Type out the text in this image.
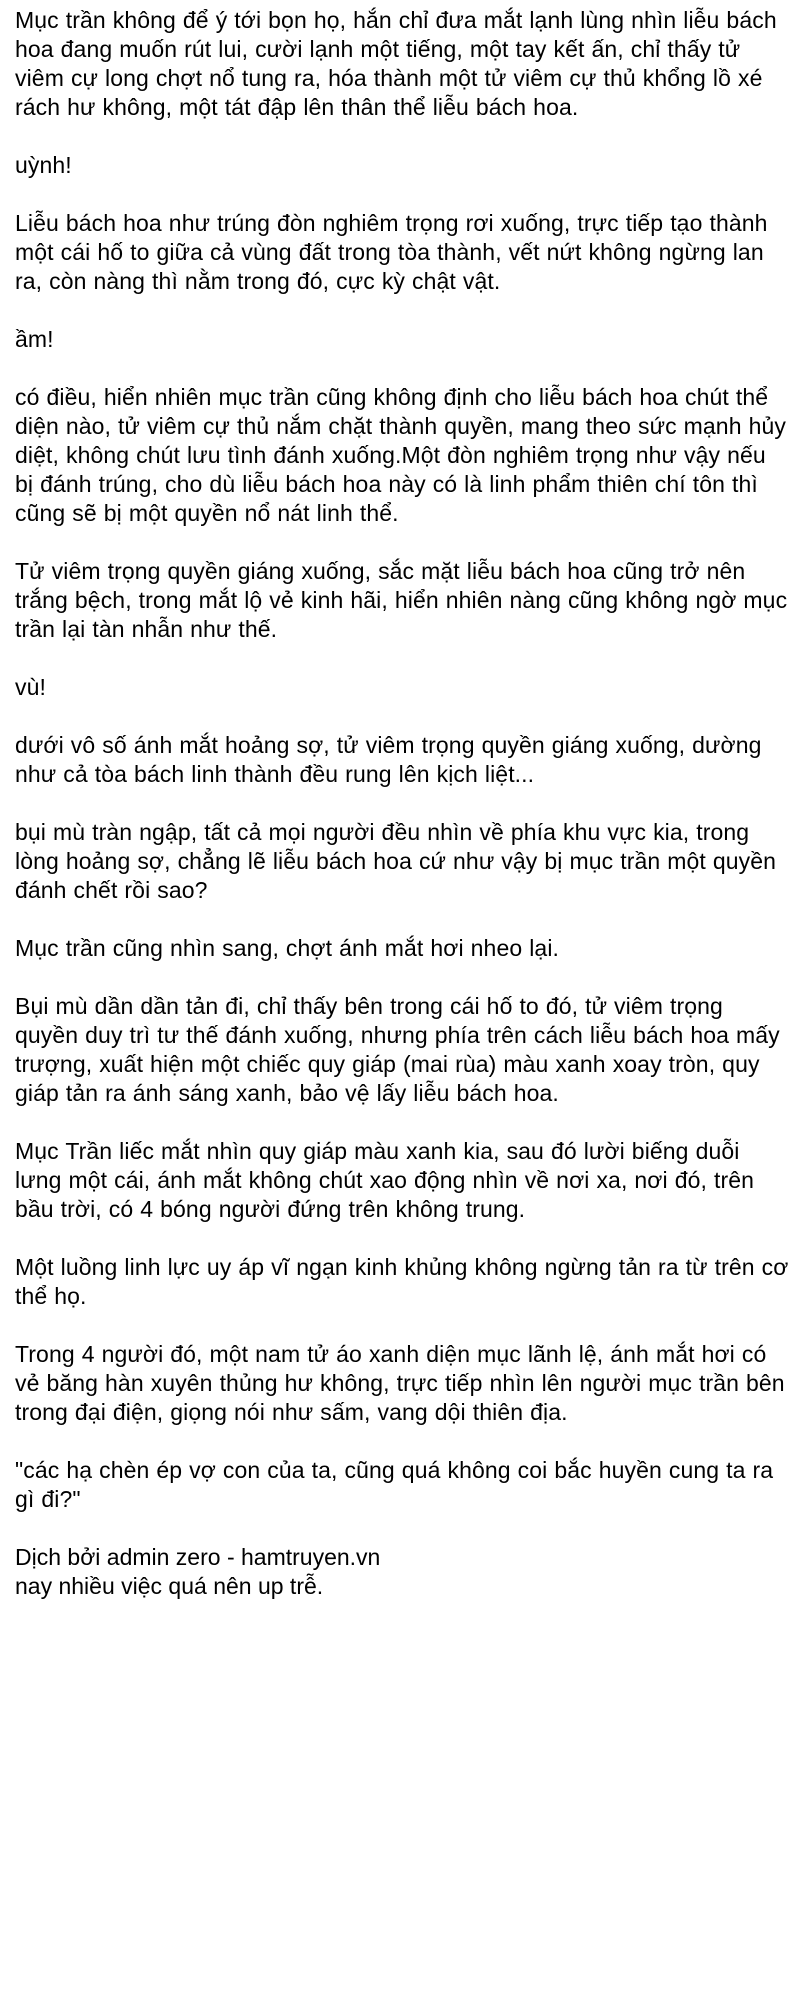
Mục trần không để ý tới bọn họ, hắn chỉ đưa mắt lạnh lùng nhìn liễu bách hoa đang muốn rút lui, cười lạnh một tiếng, một tay kết ấn, chỉ thấy tử viêm cự long chợt nổ tung ra, hóa thành một tử viêm cự thủ khổng lồ xé rách hư không, một tát đập lên thân thể liễu bách hoa.

uỳnh!

Liễu bách hoa như trúng đòn nghiêm trọng rơi xuống, trực tiếp tạo thành một cái hố to giữa cả vùng đất trong tòa thành, vết nứt không ngừng lan ra, còn nàng thì nằm trong đó, cực kỳ chật vật.

ầm!

có điều, hiển nhiên mục trần cũng không định cho liễu bách hoa chút thể diện nào, tử viêm cự thủ nắm chặt thành quyền, mang theo sức mạnh hủy diệt, không chút lưu tình đánh xuống.Một đòn nghiêm trọng như vậy nếu bị đánh trúng, cho dù liễu bách hoa này có là linh phẩm thiên chí tôn thì cũng sẽ bị một quyền nổ nát linh thể.

Tử viêm trọng quyền giáng xuống, sắc mặt liễu bách hoa cũng trở nên trắng bệch, trong mắt lộ vẻ kinh hãi, hiển nhiên nàng cũng không ngờ mục trần lại tàn nhẫn như thế.

vù!

dưới vô số ánh mắt hoảng sợ, tử viêm trọng quyền giáng xuống, dường như cả tòa bách linh thành đều rung lên kịch liệt...

bụi mù tràn ngập, tất cả mọi người đều nhìn về phía khu vực kia, trong lòng hoảng sợ, chẳng lẽ liễu bách hoa cứ như vậy bị mục trần một quyền đánh chết rồi sao?

Mục trần cũng nhìn sang, chợt ánh mắt hơi nheo lại.

Bụi mù dần dần tản đi, chỉ thấy bên trong cái hố to đó, tử viêm trọng quyền duy trì tư thế đánh xuống, nhưng phía trên cách liễu bách hoa mấy trượng, xuất hiện một chiếc quy giáp (mai rùa) màu xanh xoay tròn, quy giáp tản ra ánh sáng xanh, bảo vệ lấy liễu bách hoa.

Mục Trần liếc mắt nhìn quy giáp màu xanh kia, sau đó lười biếng duỗi lưng một cái, ánh mắt không chút xao động nhìn về nơi xa, nơi đó, trên bầu trời, có 4 bóng người đứng trên không trung.

Một luồng linh lực uy áp vĩ ngạn kinh khủng không ngừng tản ra từ trên cơ thể họ.

Trong 4 người đó, một nam tử áo xanh diện mục lãnh lệ, ánh mắt hơi có vẻ băng hàn xuyên thủng hư không, trực tiếp nhìn lên người mục trần bên trong đại điện, giọng nói như sấm, vang dội thiên địa.

"các hạ chèn ép vợ con của ta, cũng quá không coi bắc huyền cung ta ra gì đi?"

Dịch bởi admin zero - hamtruyen.vn
nay nhiều việc quá nên up trễ.
